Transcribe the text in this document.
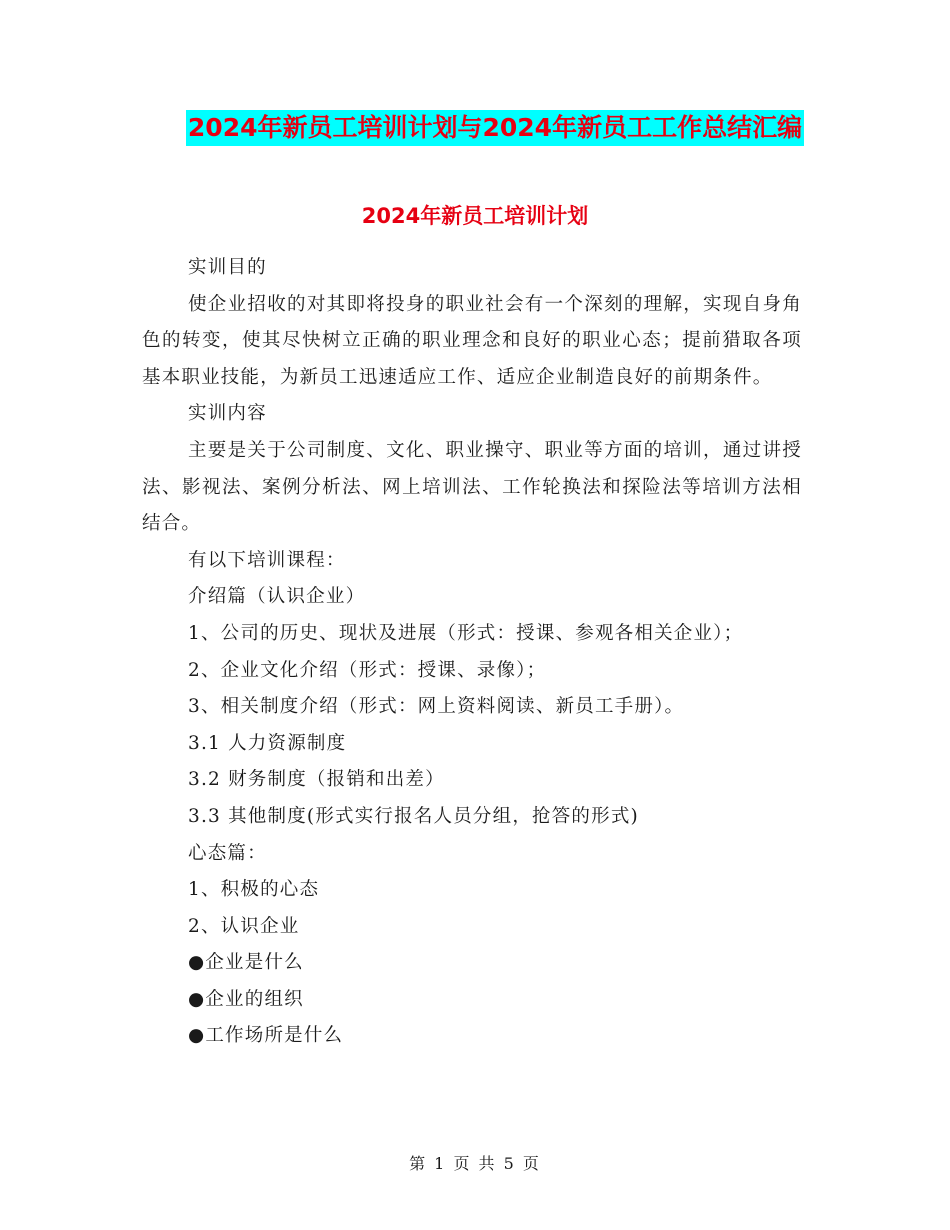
2024年新员工培训计划与2024年新员工工作总结汇编
2024年新员工培训计划

实训目的

使企业招收的对其即将投身的职业社会有一个深刻的理解，实现自身角色的转变，使其尽快树立正确的职业理念和良好的职业心态；提前猎取各项基本职业技能，为新员工迅速适应工作、适应企业制造良好的前期条件。

实训内容

主要是关于公司制度、文化、职业操守、职业等方面的培训，通过讲授法、影视法、案例分析法、网上培训法、工作轮换法和探险法等培训方法相结合。

有以下培训课程：

介绍篇（认识企业）

1、公司的历史、现状及进展（形式：授课、参观各相关企业）；

2、企业文化介绍（形式：授课、录像）；

3、相关制度介绍（形式：网上资料阅读、新员工手册）。

3.1 人力资源制度

3.2 财务制度（报销和出差）

3.3 其他制度(形式实行报名人员分组，抢答的形式)

心态篇：

1、积极的心态

2、认识企业

●企业是什么

●企业的组织

●工作场所是什么

第 1 页 共 5 页
